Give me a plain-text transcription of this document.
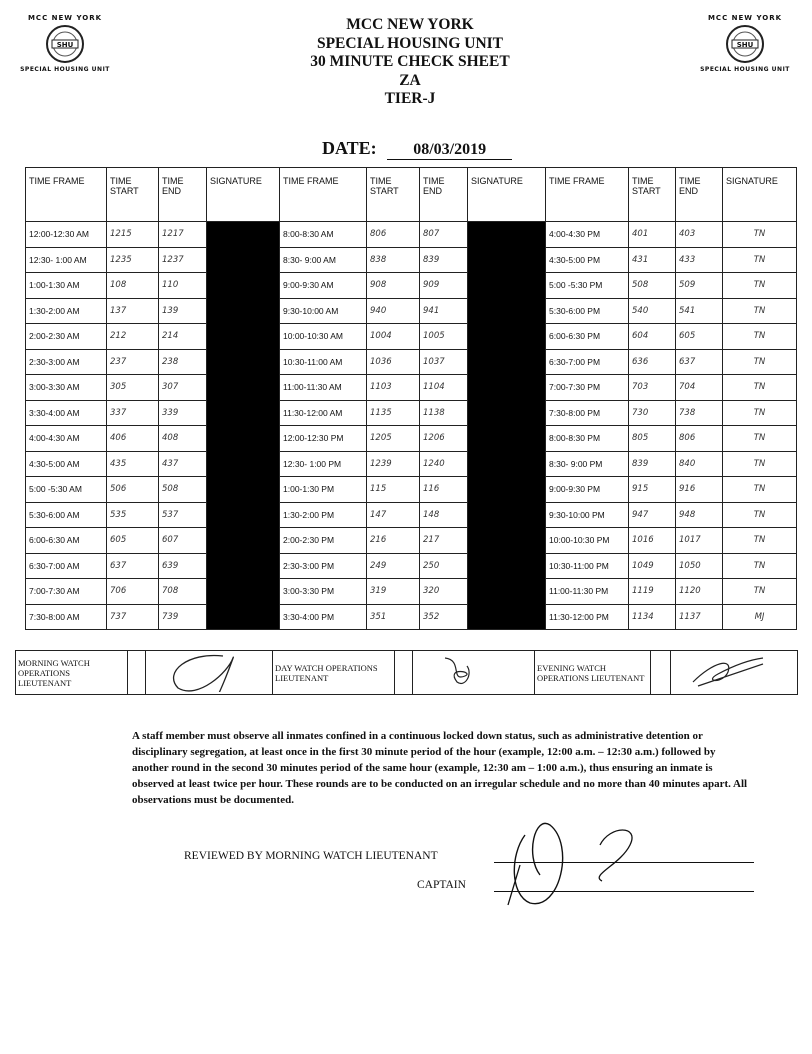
MCC NEW YORK
SHU
SPECIAL HOUSING UNIT
MCC NEW YORK
SHU
SPECIAL HOUSING UNIT
MCC NEW YORK
SPECIAL HOUSING UNIT
30 MINUTE CHECK SHEET
ZA
TIER-J
DATE: 08/03/2019
TIME FRAME	TIME START	TIME END	SIGNATURE	TIME FRAME	TIME START	TIME END	SIGNATURE	TIME FRAME	TIME START	TIME END	SIGNATURE
12:00-12:30 AM	1215	1217		8:00-8:30 AM	806	807		4:00-4:30 PM	401	403	TN
12:30- 1:00 AM	1235	1237		8:30- 9:00 AM	838	839		4:30-5:00 PM	431	433	TN
1:00-1:30 AM	108	110		9:00-9:30 AM	908	909		5:00 -5:30 PM	508	509	TN
1:30-2:00 AM	137	139		9:30-10:00 AM	940	941		5:30-6:00 PM	540	541	TN
2:00-2:30 AM	212	214		10:00-10:30 AM	1004	1005		6:00-6:30 PM	604	605	TN
2:30-3:00 AM	237	238		10:30-11:00 AM	1036	1037		6:30-7:00 PM	636	637	TN
3:00-3:30 AM	305	307		11:00-11:30 AM	1103	1104		7:00-7:30 PM	703	704	TN
3:30-4:00 AM	337	339		11:30-12:00 AM	1135	1138		7:30-8:00 PM	730	738	TN
4:00-4:30 AM	406	408		12:00-12:30 PM	1205	1206		8:00-8:30 PM	805	806	TN
4:30-5:00 AM	435	437		12:30- 1:00 PM	1239	1240		8:30- 9:00 PM	839	840	TN
5:00 -5:30 AM	506	508		1:00-1:30 PM	115	116		9:00-9:30 PM	915	916	TN
5:30-6:00 AM	535	537		1:30-2:00 PM	147	148		9:30-10:00 PM	947	948	TN
6:00-6:30 AM	605	607		2:00-2:30 PM	216	217		10:00-10:30 PM	1016	1017	TN
6:30-7:00 AM	637	639		2:30-3:00 PM	249	250		10:30-11:00 PM	1049	1050	TN
7:00-7:30 AM	706	708		3:00-3:30 PM	319	320		11:00-11:30 PM	1119	1120	TN
7:30-8:00 AM	737	739		3:30-4:00 PM	351	352		11:30-12:00 PM	1134	1137	MJ
MORNING WATCH OPERATIONS LIEUTENANT			DAY WATCH OPERATIONS LIEUTENANT			EVENING WATCH OPERATIONS LIEUTENANT		
A staff member must observe all inmates confined in a continuous locked down status, such as administrative detention or disciplinary segregation, at least once in the first 30 minute period of the hour (example, 12:00 a.m. – 12:30 a.m.) followed by another round in the second 30 minutes period of the same hour (example, 12:30 am – 1:00 a.m.), thus ensuring an inmate is observed at least twice per hour. These rounds are to be conducted on an irregular schedule and no more than 40 minutes apart. All observations must be documented.
REVIEWED BY MORNING WATCH LIEUTENANT
CAPTAIN
